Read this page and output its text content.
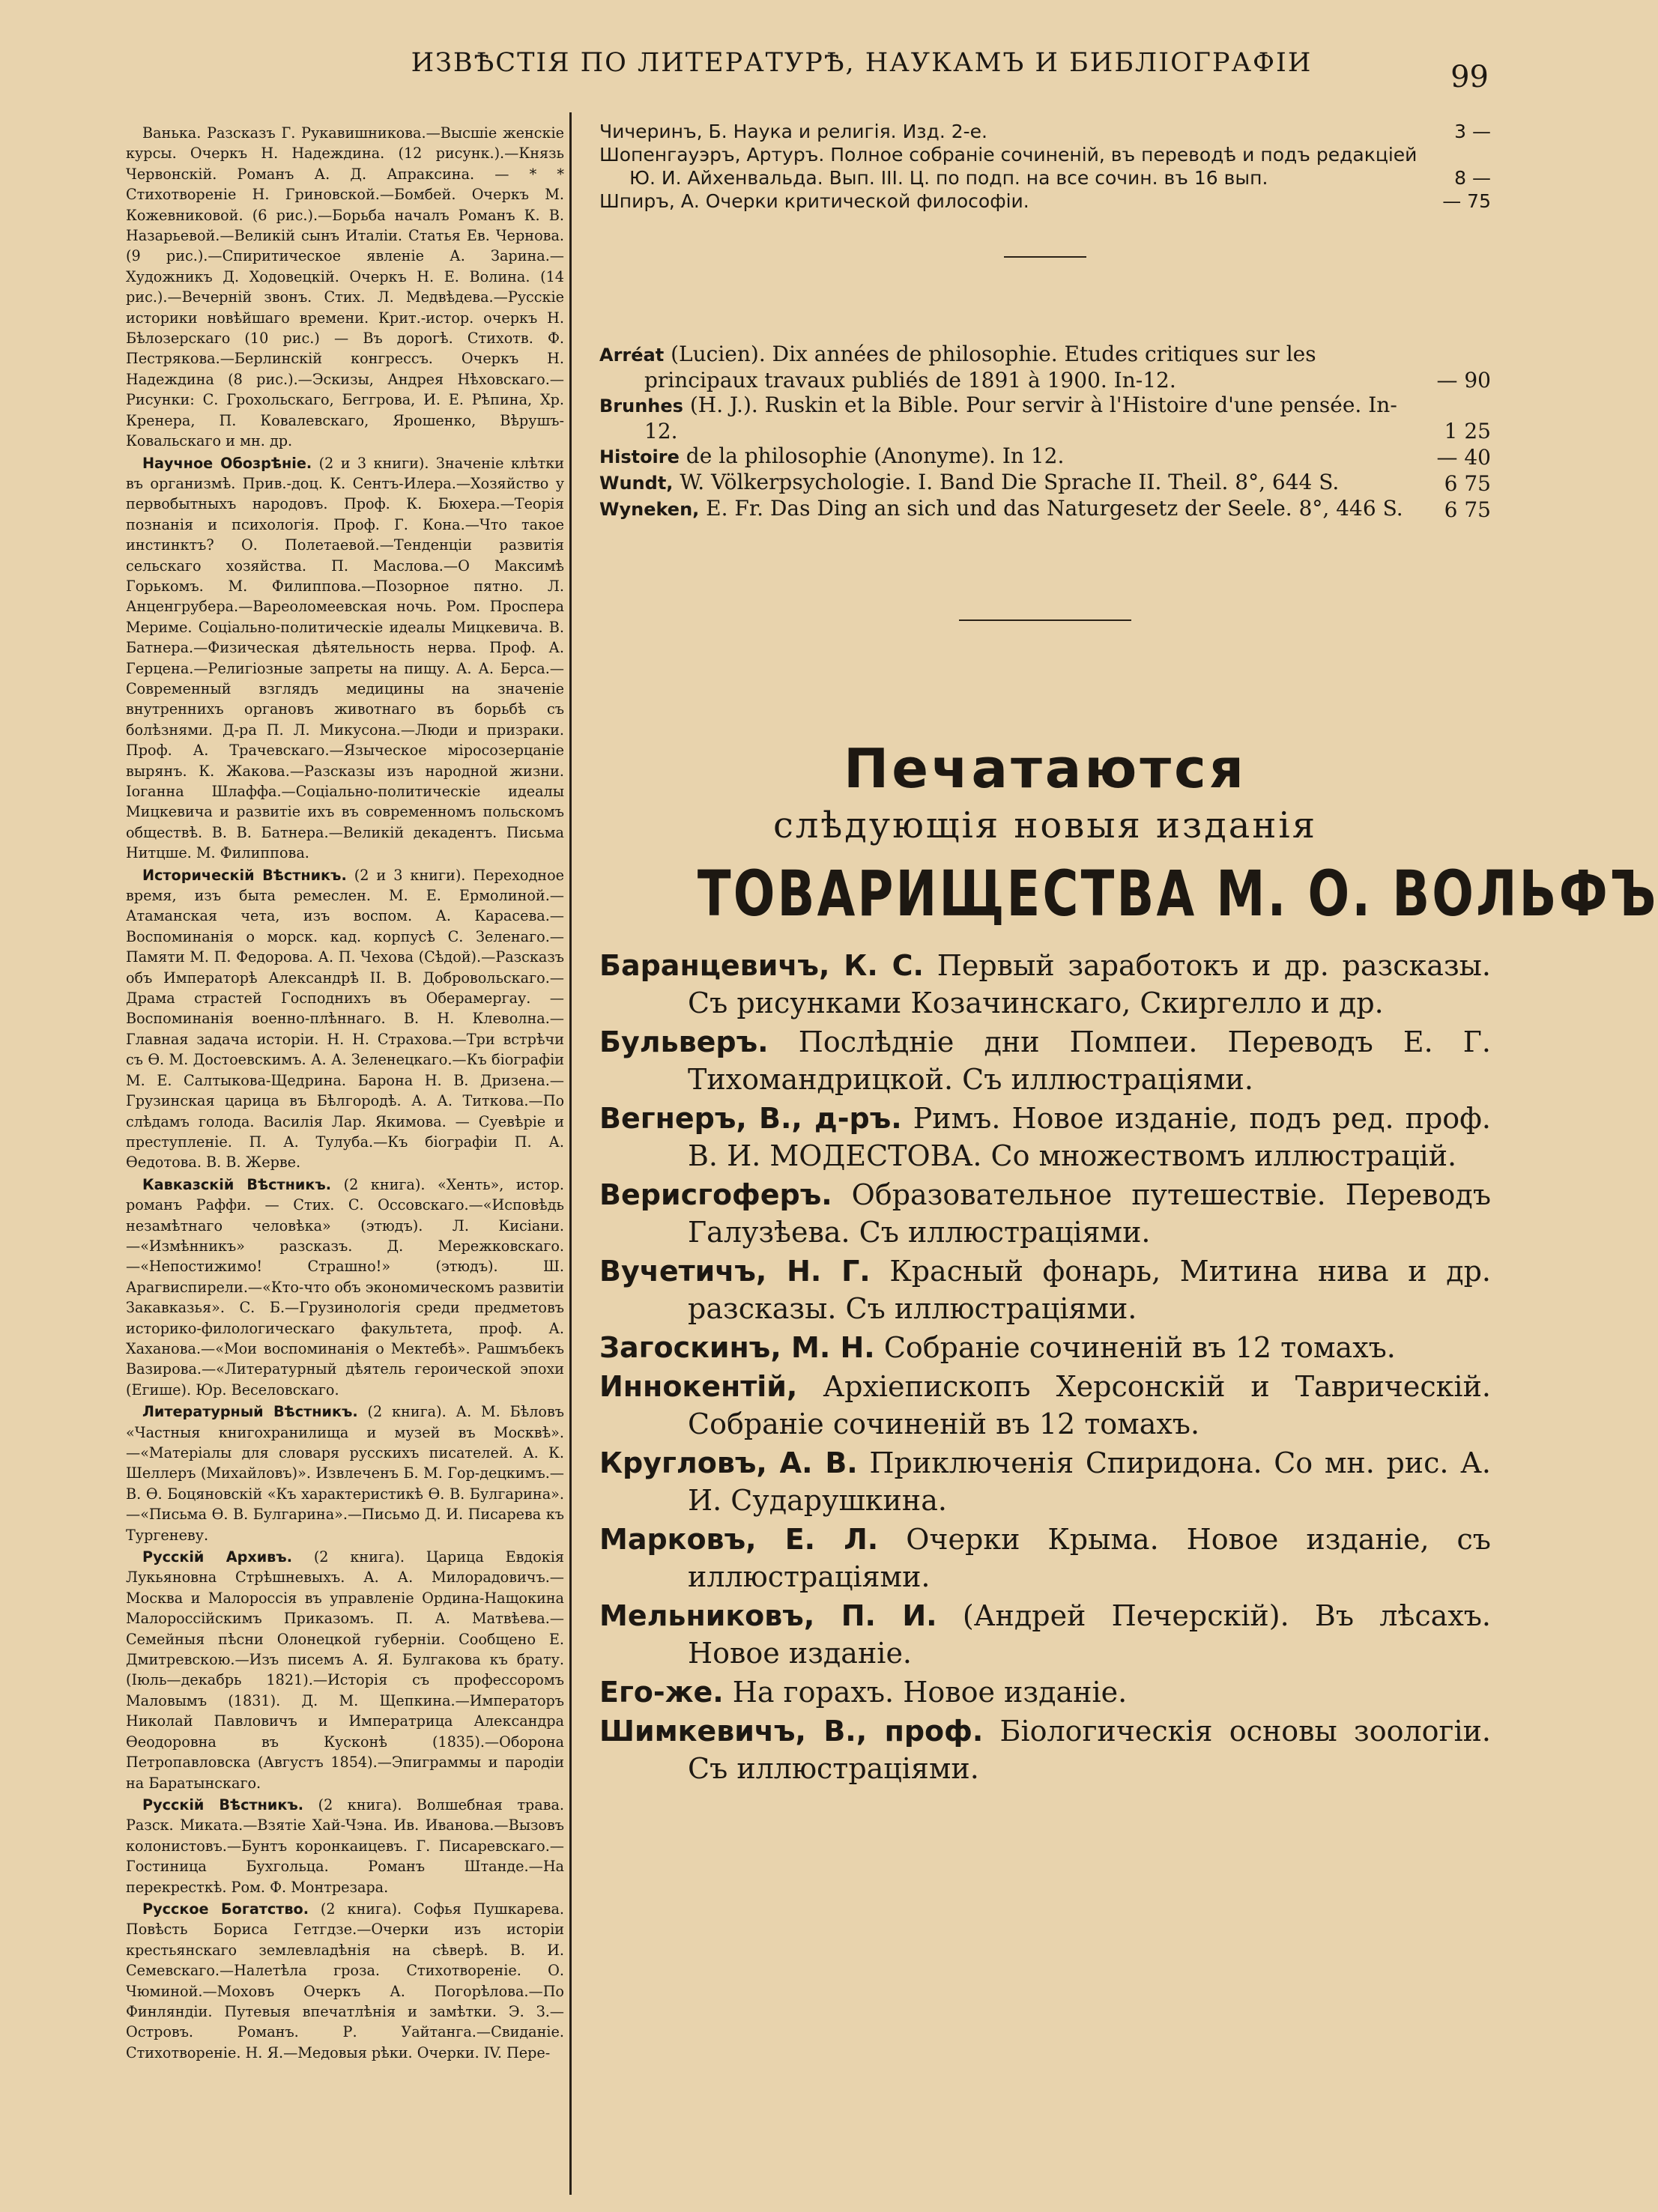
ИЗВѢСТІЯ ПО ЛИТЕРАТУРѢ, НАУКАМЪ И БИБЛІОГРАФІИ	99

Ванька. Разсказъ Г. Рукавишникова.—Высшіе женскіе курсы. Очеркъ Н. Надеждина. (12 рисунк.).—Князь Червонскій. Романъ А. Д. Апраксина. — * * Стихотвореніе Н. Гриновской.—Бомбей. Очеркъ М. Кожевниковой. (6 рис.).—Борьба началъ Романъ К. В. Назарьевой.—Великій сынъ Италіи. Статья Ев. Чернова. (9 рис.).—Спиритическое явленіе А. Зарина.—Художникъ Д. Ходовецкій. Очеркъ Н. Е. Волина. (14 рис.).—Вечерній звонъ. Стих. Л. Медвѣдева.—Русскіе историки новѣйшаго времени. Крит.-истор. очеркъ Н. Бѣлозерскаго (10 рис.) — Въ дорогѣ. Стихотв. Ф. Пестрякова.—Берлинскій конгрессъ. Очеркъ Н. Надеждина (8 рис.).—Эскизы, Андрея Нѣховскаго.—Рисунки: С. Грохольскаго, Беггрова, И. Е. Рѣпина, Хр. Кренера, П. Ковалевскаго, Ярошенко, Вѣрушъ-Ковальскаго и мн. др.

Научное Обозрѣніе. (2 и 3 книги). Значеніе клѣтки въ организмѣ. Прив.-доц. К. Сентъ-Илера.—Хозяйство у первобытныхъ народовъ. Проф. К. Бюхера.—Теорія познанія и психологія. Проф. Г. Кона.—Что такое инстинктъ? О. Полетаевой.—Тенденціи развитія сельскаго хозяйства. П. Маслова.—О Максимѣ Горькомъ. М. Филиппова.—Позорное пятно. Л. Анценгрубера.—Вареоломеевская ночь. Ром. Проспера Мериме. Соціально-политическіе идеалы Мицкевича. В. Батнера.—Физическая дѣятельность нерва. Проф. А. Герцена.—Религіозные запреты на пищу. А. А. Берса.—Современный взглядъ медицины на значеніе внутреннихъ органовъ животнаго въ борьбѣ съ болѣзнями. Д-ра П. Л. Микусона.—Люди и призраки. Проф. А. Трачевскаго.—Языческое міросозерцаніе вырянъ. К. Жакова.—Разсказы изъ народной жизни. Іоганна Шлаффа.—Соціально-политическіе идеалы Мицкевича и развитіе ихъ въ современномъ польскомъ обществѣ. В. В. Батнера.—Великій декадентъ. Письма Нитцше. М. Филиппова.

Историческій Вѣстникъ. (2 и 3 книги). Переходное время, изъ быта ремеслен. М. Е. Ермолиной.—Атаманская чета, изъ воспом. А. Карасева.—Воспоминанія о морск. кад. корпусѣ С. Зеленаго.—Памяти М. П. Федорова. А. П. Чехова (Сѣдой).—Разсказъ объ Императорѣ Александрѣ II. В. Добровольскаго.—Драма страстей Господнихъ въ Оберамергау. — Воспоминанія военно-плѣннаго. В. Н. Клеволна.—Главная задача исторіи. Н. Н. Страхова.—Три встрѣчи съ Ѳ. М. Достоевскимъ. А. А. Зеленецкаго.—Къ біографіи М. Е. Салтыкова-Щедрина. Барона Н. В. Дризена.—Грузинская царица въ Бѣлгородѣ. А. А. Титкова.—По слѣдамъ голода. Василія Лар. Якимова. — Суевѣріе и преступленіе. П. А. Тулуба.—Къ біографіи П. А. Ѳедотова. В. В. Жерве.

Кавказскій Вѣстникъ. (2 книга). «Хенть», истор. романъ Раффи. — Стих. С. Оссовскаго.—«Исповѣдь незамѣтнаго человѣка» (этюдъ). Л. Кисіани.—«Измѣнникъ» разсказъ. Д. Мережковскаго.—«Непостижимо! Страшно!» (этюдъ). Ш. Арагвиспирели.—«Кто-что объ экономическомъ развитіи Закавказья». С. Б.—Грузинологія среди предметовъ историко-филологическаго факультета, проф. А. Хаханова.—«Мои воспоминанія о Мектебѣ». Рашмъбекъ Вазирова.—«Литературный дѣятель героической эпохи (Егише). Юр. Веселовскаго.

Литературный Вѣстникъ. (2 книга). А. М. Бѣловъ «Частныя книгохранилища и музей въ Москвѣ».—«Матеріалы для словаря русскихъ писателей. А. К. Шеллеръ (Михайловъ)». Извлеченъ Б. М. Гор-децкимъ.—В. Ѳ. Боцяновскій «Къ характеристикѣ Ѳ. В. Булгарина».—«Письма Ѳ. В. Булгарина».—Письмо Д. И. Писарева къ Тургеневу.

Русскій Архивъ. (2 книга). Царица Евдокія Лукьяновна Стрѣшневыхъ. А. А. Милорадовичъ.—Москва и Малороссія въ управленіе Ордина-Нащокина Малороссійскимъ Приказомъ. П. А. Матвѣева.—Семейныя пѣсни Олонецкой губерніи. Сообщено Е. Дмитревскою.—Изъ писемъ А. Я. Булгакова къ брату. (Іюль—декабрь 1821).—Исторія съ профессоромъ Маловымъ (1831). Д. М. Щепкина.—Императоръ Николай Павловичъ и Императрица Александра Ѳеодоровна въ Кусконѣ (1835).—Оборона Петропавловска (Августъ 1854).—Эпиграммы и пародіи на Баратынскаго.

Русскій Вѣстникъ. (2 книга). Волшебная трава. Разск. Миката.—Взятіе Хай-Чэна. Ив. Иванова.—Вызовъ колонистовъ.—Бунтъ коронкаицевъ. Г. Писаревскаго.—Гостиница Бухгольца. Романъ Штанде.—На перекресткѣ. Ром. Ф. Монтрезара.

Русское Богатство. (2 книга). Софья Пушкарева. Повѣсть Бориса Гетгдзе.—Очерки изъ исторіи крестьянскаго землевладѣнія на сѣверѣ. В. И. Семевскаго.—Налетѣла гроза. Стихотвореніе. О. Чюминой.—Моховъ Очеркъ А. Погорѣлова.—По Финляндіи. Путевыя впечатлѣнія и замѣтки. Э. З.—Островъ. Романъ. Р. Уайтанга.—Свиданіе. Стихотвореніе. Н. Я.—Медовыя рѣки. Очерки. IV. Пере-

Чичеринъ, Б. Наука и религія. Изд. 2-е.	3 —

Шопенгауэръ, Артуръ. Полное собраніе сочиненій, въ переводѣ и подъ редакціей Ю. И. Айхенвальда. Вып. III. Ц. по подп. на все сочин. въ 16 вып.	8 —

Шпиръ, А. Очерки критической философіи.	— 75

Arréat (Lucien). Dix années de philosophie. Etudes critiques sur les principaux travaux publiés de 1891 à 1900. In-12.	— 90

Brunhes (H. J.). Ruskin et la Bible. Pour servir à l'Histoire d'une pensée. In-12.	1 25

Histoire de la philosophie (Anonyme). In 12.	— 40

Wundt, W. Völkerpsychologie. I. Band Die Sprache II. Theil. 8°, 644 S.	6 75

Wyneken, E. Fr. Das Ding an sich und das Naturgesetz der Seele. 8°, 446 S. 6 75

Печатаются

слѣдующія новыя изданія

ТОВАРИЩЕСТВА М. О. ВОЛЬФЪ

Баранцевичъ, К. С. Первый заработокъ и др. разсказы. Съ рисунками Козачинскаго, Скиргелло и др.

Бульверъ. Послѣдніе дни Помпеи. Переводъ Е. Г. Тихомандрицкой. Съ иллюстраціями.

Вегнеръ, В., д-ръ. Римъ. Новое изданіе, подъ ред. проф. В. И. МОДЕСТОВА. Со множествомъ иллюстрацій.

Верисгоферъ. Образовательное путешествіе. Переводъ Галузѣева. Съ иллюстраціями.

Вучетичъ, Н. Г. Красный фонарь, Митина нива и др. разсказы. Съ иллюстраціями.

Загоскинъ, М. Н. Собраніе сочиненій въ 12 томахъ.

Иннокентій, Архіепископъ Херсонскій и Таврическій. Собраніе сочиненій въ 12 томахъ.

Кругловъ, А. В. Приключенія Спиридона. Со мн. рис. А. И. Сударушкина.

Марковъ, Е. Л. Очерки Крыма. Новое изданіе, съ иллюстраціями.

Мельниковъ, П. И. (Андрей Печерскій). Въ лѣсахъ. Новое изданіе.

Его-же. На горахъ. Новое изданіе.

Шимкевичъ, В., проф. Біологическія основы зоологіи. Съ иллюстраціями.
